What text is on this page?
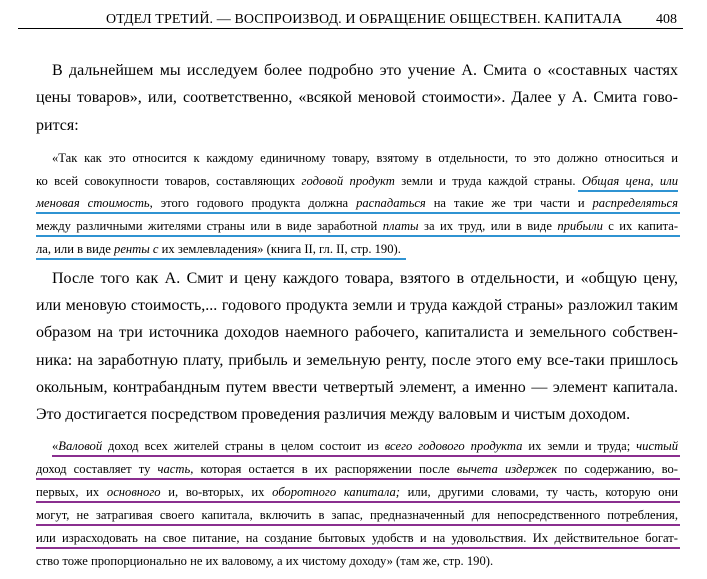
ОТДЕЛ ТРЕТИЙ. — ВОСПРОИЗВОД. И ОБРАЩЕНИЕ ОБЩЕСТВЕН. КАПИТАЛА 408
В дальнейшем мы исследуем более подробно это учение А. Смита о «составных частях
цены товаров», или, соответственно, «всякой меновой стоимости». Далее у А. Смита гово-
рится:
«Так как это относится к каждому единичному товару, взятому в отдельности, то это должно относиться и
ко всей совокупности товаров, составляющих годовой продукт земли и труда каждой страны. Общая цена, или
меновая стоимость, этого годового продукта должна распадаться на такие же три части и распределяться
между различными жителями страны или в виде заработной платы за их труд, или в виде прибыли с их капита-
ла, или в виде ренты с их землевладения» (книга II, гл. II, стр. 190).
После того как А. Смит и цену каждого товара, взятого в отдельности, и «общую цену,
или меновую стоимость,... годового продукта земли и труда каждой страны» разложил таким
образом на три источника доходов наемного рабочего, капиталиста и земельного собствен-
ника: на заработную плату, прибыль и земельную ренту, после этого ему все-таки пришлось
окольным, контрабандным путем ввести четвертый элемент, а именно — элемент капитала.
Это достигается посредством проведения различия между валовым и чистым доходом.
«Валовой доход всех жителей страны в целом состоит из всего годового продукта их земли и труда; чистый
доход составляет ту часть, которая остается в их распоряжении после вычета издержек по содержанию, во-
первых, их основного и, во-вторых, их оборотного капитала; или, другими словами, ту часть, которую они
могут, не затрагивая своего капитала, включить в запас, предназначенный для непосредственного потребления,
или израсходовать на свое питание, на создание бытовых удобств и на удовольствия. Их действительное богат-
ство тоже пропорционально не их валовому, а их чистому доходу» (там же, стр. 190).
